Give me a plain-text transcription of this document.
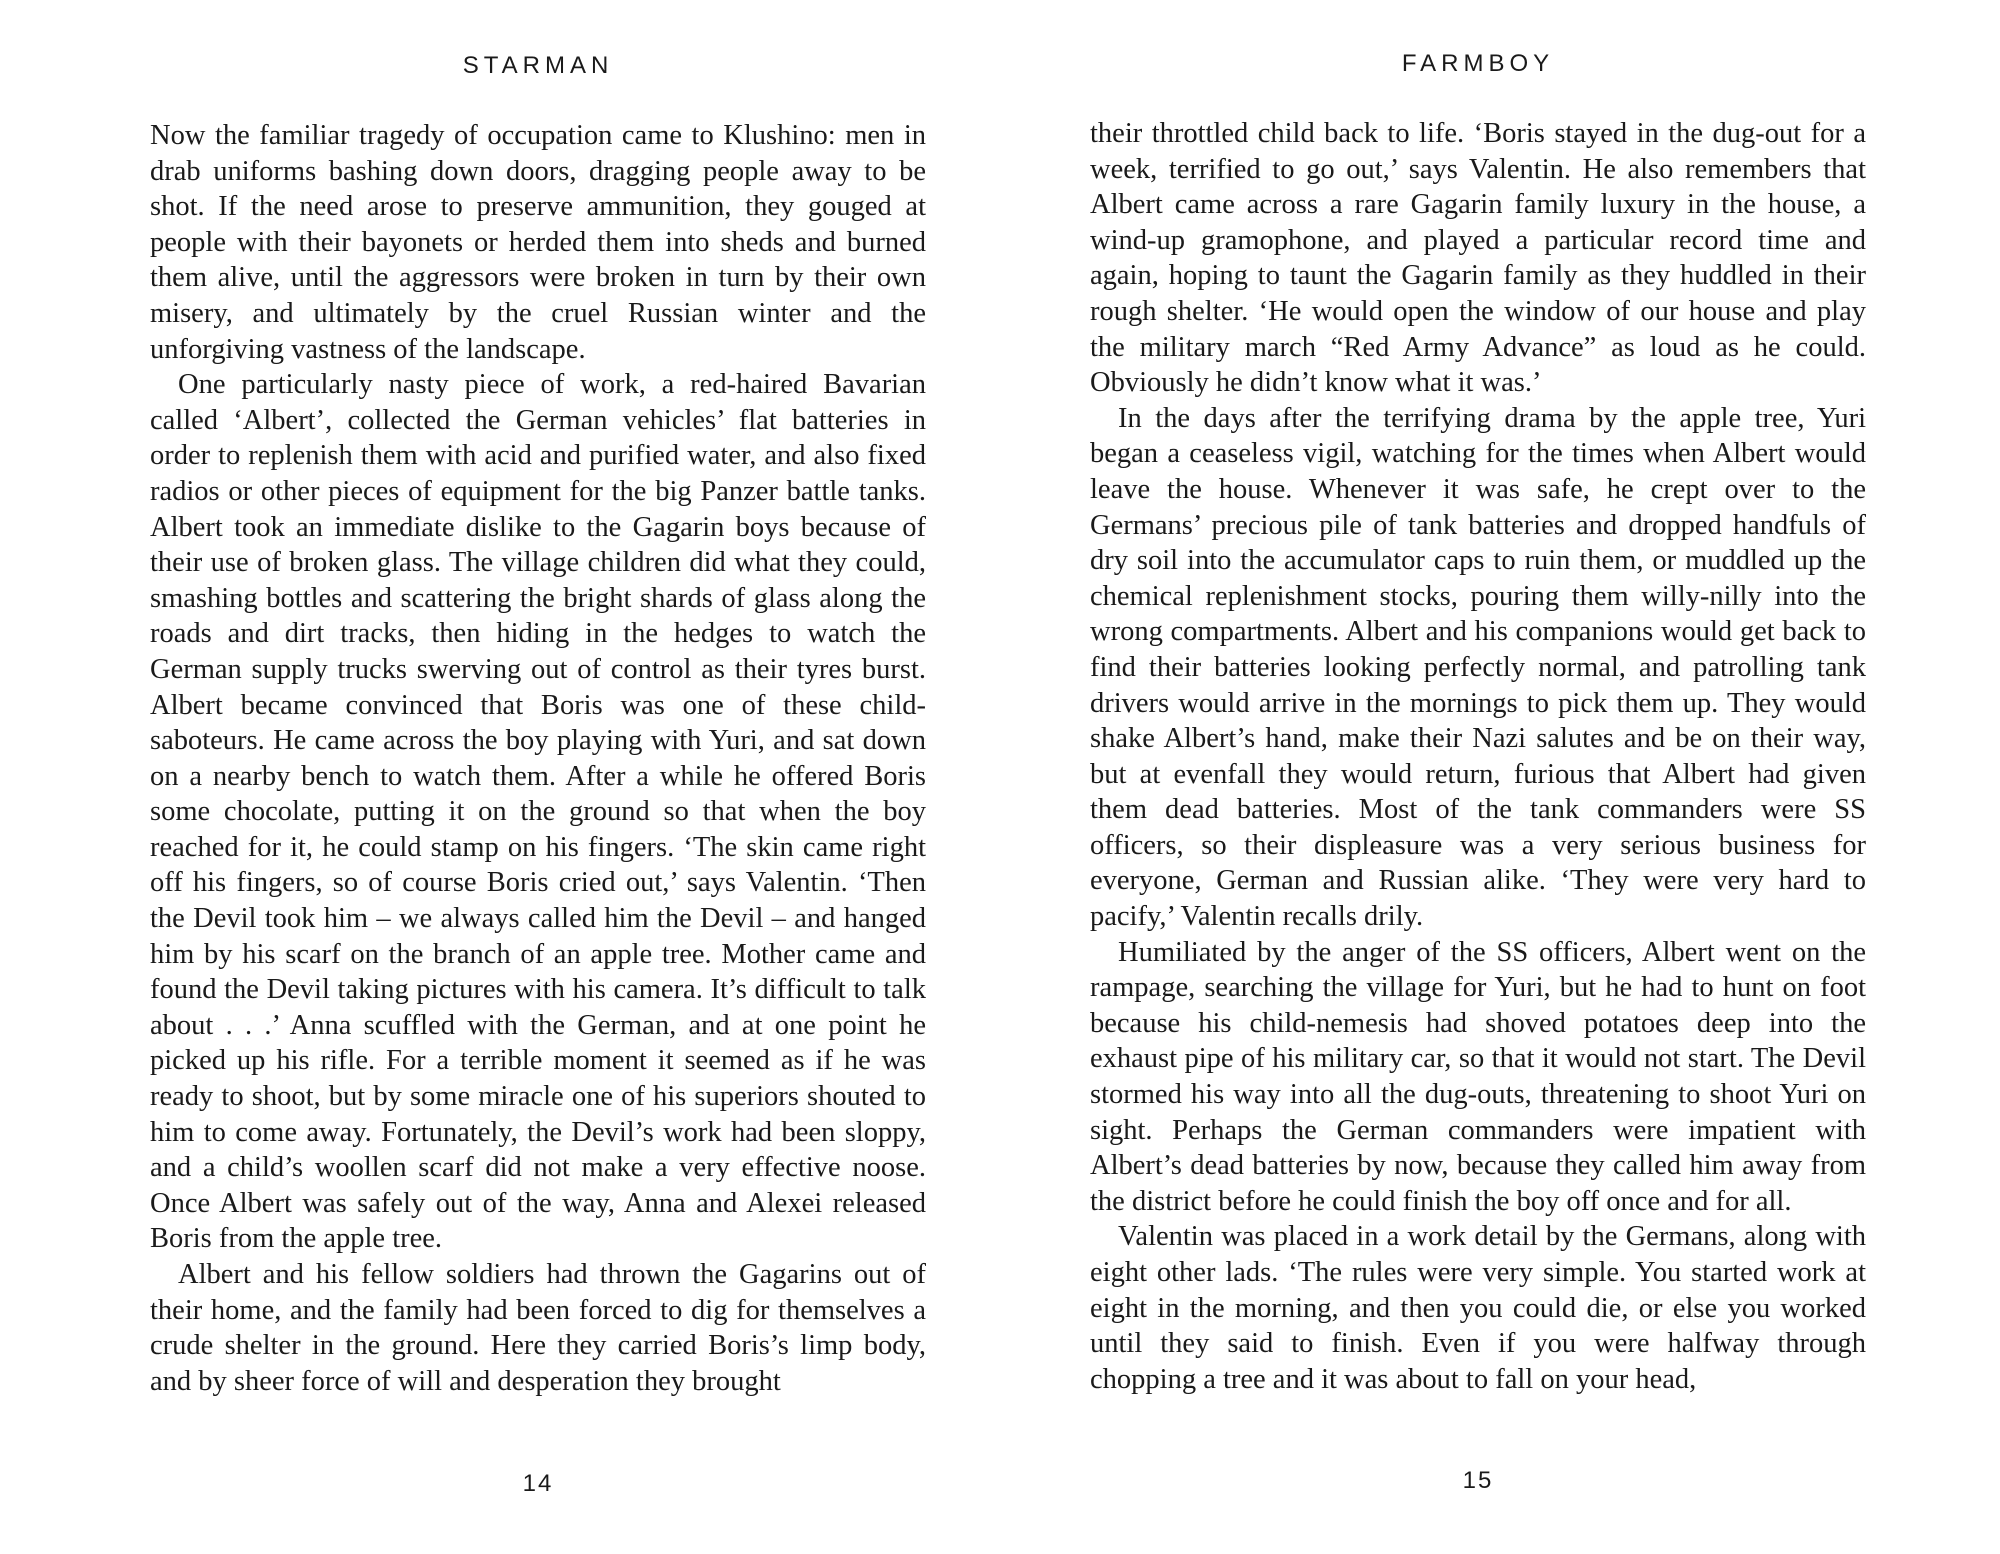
STARMAN

Now the familiar tragedy of occupation came to Klushino: men in drab uniforms bashing down doors, dragging people away to be shot. If the need arose to preserve ammunition, they gouged at people with their bayonets or herded them into sheds and burned them alive, until the aggressors were broken in turn by their own misery, and ultimately by the cruel Russian winter and the unforgiving vastness of the landscape.

One particularly nasty piece of work, a red-haired Bavarian called ‘Albert’, collected the German vehicles’ flat batteries in order to replenish them with acid and purified water, and also fixed radios or other pieces of equipment for the big Panzer battle tanks. Albert took an immediate dislike to the Gagarin boys because of their use of broken glass. The village children did what they could, smashing bottles and scattering the bright shards of glass along the roads and dirt tracks, then hiding in the hedges to watch the German supply trucks swerving out of control as their tyres burst. Albert became convinced that Boris was one of these child-saboteurs. He came across the boy playing with Yuri, and sat down on a nearby bench to watch them. After a while he offered Boris some chocolate, putting it on the ground so that when the boy reached for it, he could stamp on his fingers. ‘The skin came right off his fingers, so of course Boris cried out,’ says Valentin. ‘Then the Devil took him – we always called him the Devil – and hanged him by his scarf on the branch of an apple tree. Mother came and found the Devil taking pictures with his camera. It’s difficult to talk about . . .’ Anna scuffled with the German, and at one point he picked up his rifle. For a terrible moment it seemed as if he was ready to shoot, but by some miracle one of his superiors shouted to him to come away. Fortunately, the Devil’s work had been sloppy, and a child’s woollen scarf did not make a very effective noose. Once Albert was safely out of the way, Anna and Alexei released Boris from the apple tree.

Albert and his fellow soldiers had thrown the Gagarins out of their home, and the family had been forced to dig for themselves a crude shelter in the ground. Here they carried Boris’s limp body, and by sheer force of will and desperation they brought

14
FARMBOY

their throttled child back to life. ‘Boris stayed in the dug-out for a week, terrified to go out,’ says Valentin. He also remembers that Albert came across a rare Gagarin family luxury in the house, a wind-up gramophone, and played a particular record time and again, hoping to taunt the Gagarin family as they huddled in their rough shelter. ‘He would open the window of our house and play the military march “Red Army Advance” as loud as he could. Obviously he didn’t know what it was.’

In the days after the terrifying drama by the apple tree, Yuri began a ceaseless vigil, watching for the times when Albert would leave the house. Whenever it was safe, he crept over to the Germans’ precious pile of tank batteries and dropped handfuls of dry soil into the accumulator caps to ruin them, or muddled up the chemical replenishment stocks, pouring them willy-nilly into the wrong compartments. Albert and his companions would get back to find their batteries looking perfectly normal, and patrolling tank drivers would arrive in the mornings to pick them up. They would shake Albert’s hand, make their Nazi salutes and be on their way, but at evenfall they would return, furious that Albert had given them dead batteries. Most of the tank commanders were SS officers, so their displeasure was a very serious business for everyone, German and Russian alike. ‘They were very hard to pacify,’ Valentin recalls drily.

Humiliated by the anger of the SS officers, Albert went on the rampage, searching the village for Yuri, but he had to hunt on foot because his child-nemesis had shoved potatoes deep into the exhaust pipe of his military car, so that it would not start. The Devil stormed his way into all the dug-outs, threatening to shoot Yuri on sight. Perhaps the German commanders were impatient with Albert’s dead batteries by now, because they called him away from the district before he could finish the boy off once and for all.

Valentin was placed in a work detail by the Germans, along with eight other lads. ‘The rules were very simple. You started work at eight in the morning, and then you could die, or else you worked until they said to finish. Even if you were halfway through chopping a tree and it was about to fall on your head,

15
